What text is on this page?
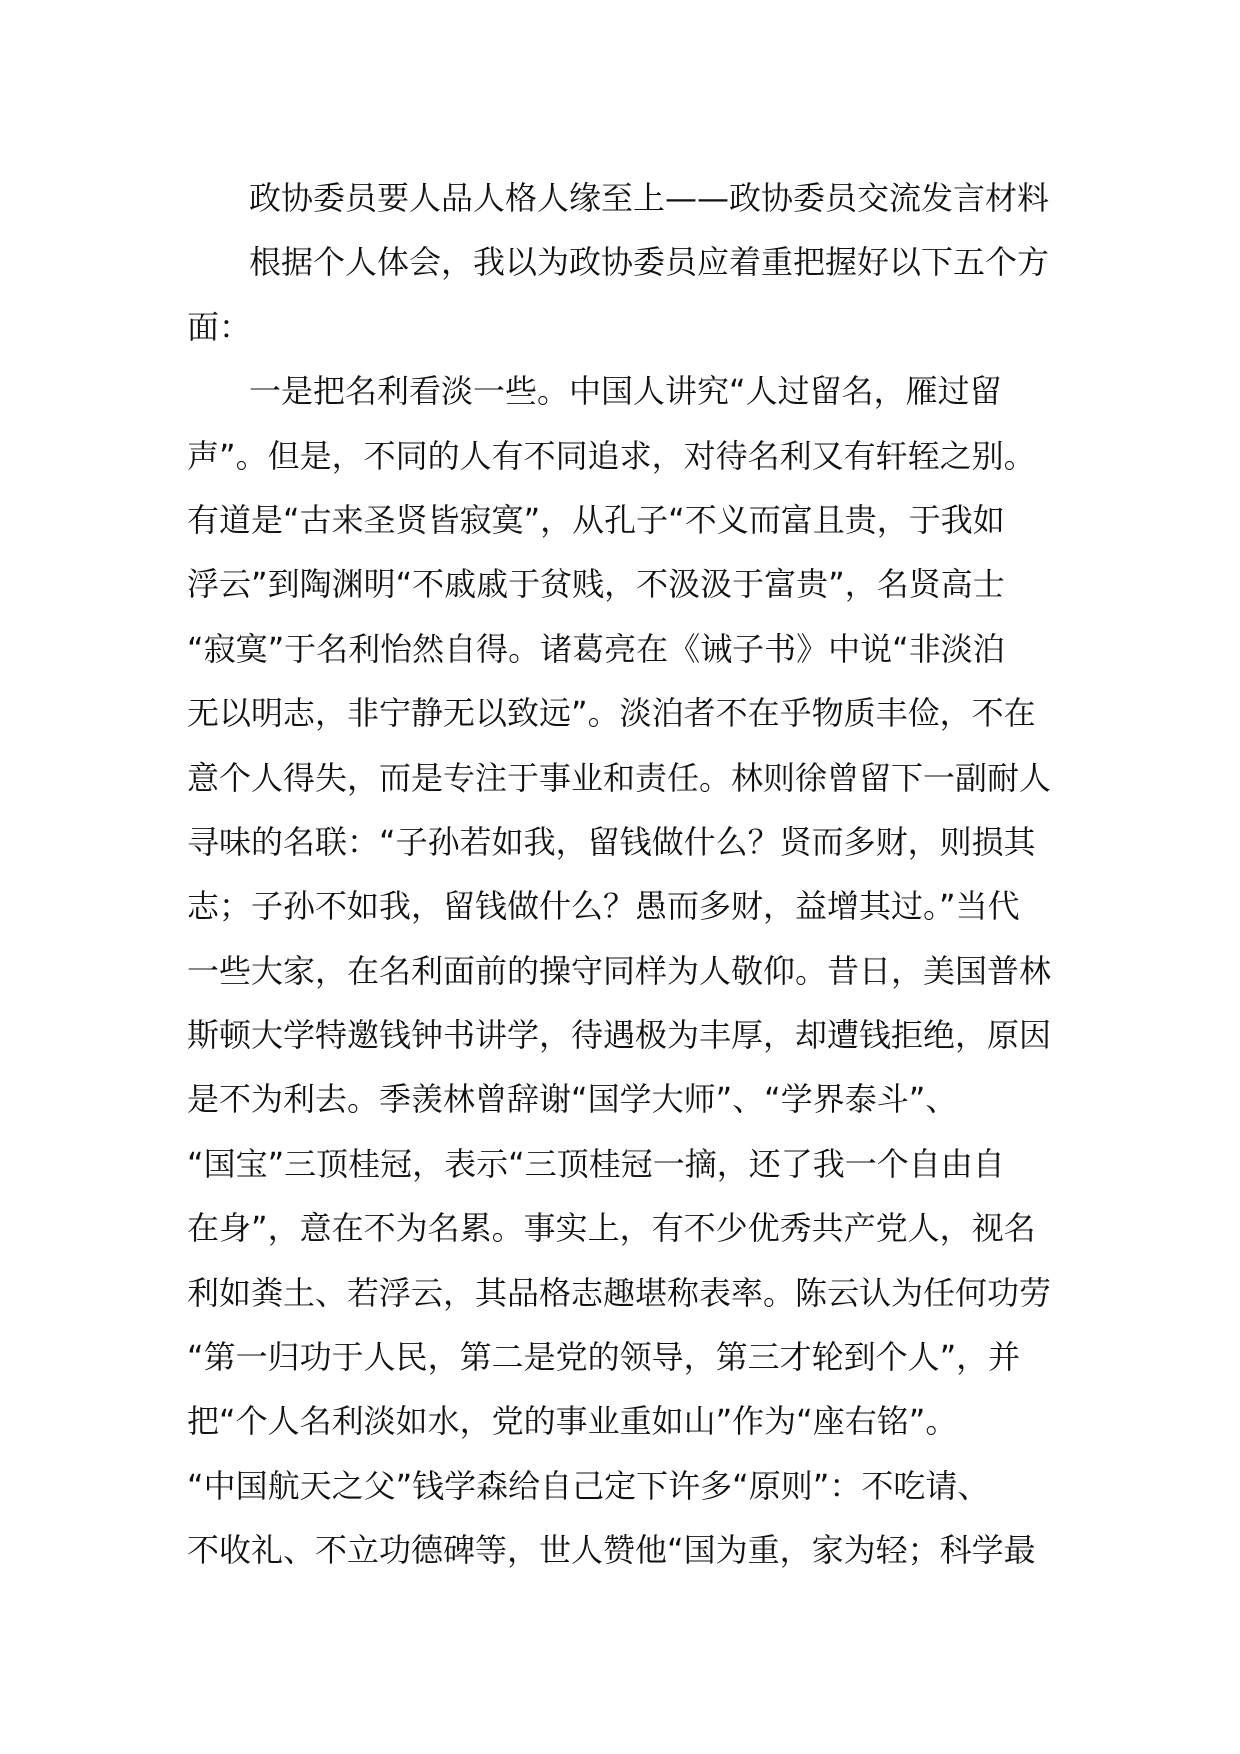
政协委员要人品人格人缘至上——政协委员交流发言材料
根据个人体会，我以为政协委员应着重把握好以下五个方
面：
一是把名利看淡一些。中国人讲究“人过留名，雁过留
声”。但是，不同的人有不同追求，对待名利又有轩轾之别。
有道是“古来圣贤皆寂寞”，从孔子“不义而富且贵，于我如
浮云”到陶渊明“不戚戚于贫贱，不汲汲于富贵”，名贤高士
“寂寞”于名利怡然自得。诸葛亮在《诫子书》中说“非淡泊
无以明志，非宁静无以致远”。淡泊者不在乎物质丰俭，不在
意个人得失，而是专注于事业和责任。林则徐曾留下一副耐人
寻味的名联：“子孙若如我，留钱做什么？贤而多财，则损其
志；子孙不如我，留钱做什么？愚而多财，益增其过。”当代
一些大家，在名利面前的操守同样为人敬仰。昔日，美国普林
斯顿大学特邀钱钟书讲学，待遇极为丰厚，却遭钱拒绝，原因
是不为利去。季羡林曾辞谢“国学大师”、“学界泰斗”、
“国宝”三顶桂冠，表示“三顶桂冠一摘，还了我一个自由自
在身”，意在不为名累。事实上，有不少优秀共产党人，视名
利如粪土、若浮云，其品格志趣堪称表率。陈云认为任何功劳
“第一归功于人民，第二是党的领导，第三才轮到个人”，并
把“个人名利淡如水，党的事业重如山”作为“座右铭”。
“中国航天之父”钱学森给自己定下许多“原则”：不吃请、
不收礼、不立功德碑等，世人赞他“国为重，家为轻；科学最
